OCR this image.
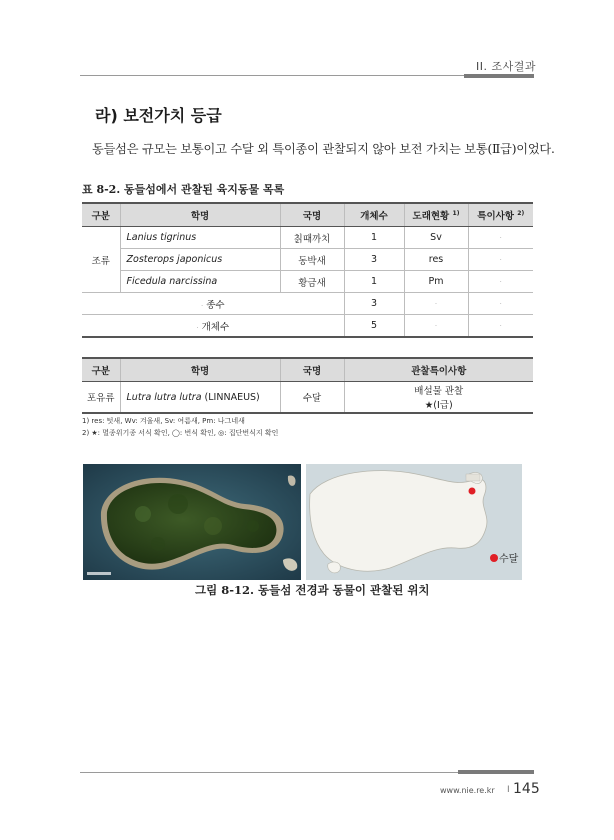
II. 조사결과
라) 보전가치 등급
동들섬은 규모는 보통이고 수달 외 특이종이 관찰되지 않아 보전 가치는 보통(Ⅱ급)이었다.
표 8-2. 동들섬에서 관찰된 육지동물 목록
구분	학명	국명	개체수	도래현황 $^{1)}$	특이사항 $^{2)}$
조류	Lanius tigrinus	칡때까치	1	Sv	·
	Zosterops japonicus	동박새	3	res	·
	Ficedula narcissina	황금새	1	Pm	·
· 종수			3	·	·
· 개체수			5	·	·
구분	학명	국명	관찰특이사항
포유류	Lutra lutra lutra (LINNAEUS)	수달	배설물 관찰
★(Ⅰ급)
1) res: 텃새, Wv: 겨울새, Sv: 여름새, Pm: 나그네새
2) ★: 멸종위기종 서식 확인, ◯: 번식 확인, ◎: 집단번식지 확인
수달
그림 8-12. 동들섬 전경과 동물이 관찰된 위치
www.nie.re.kr I 145
